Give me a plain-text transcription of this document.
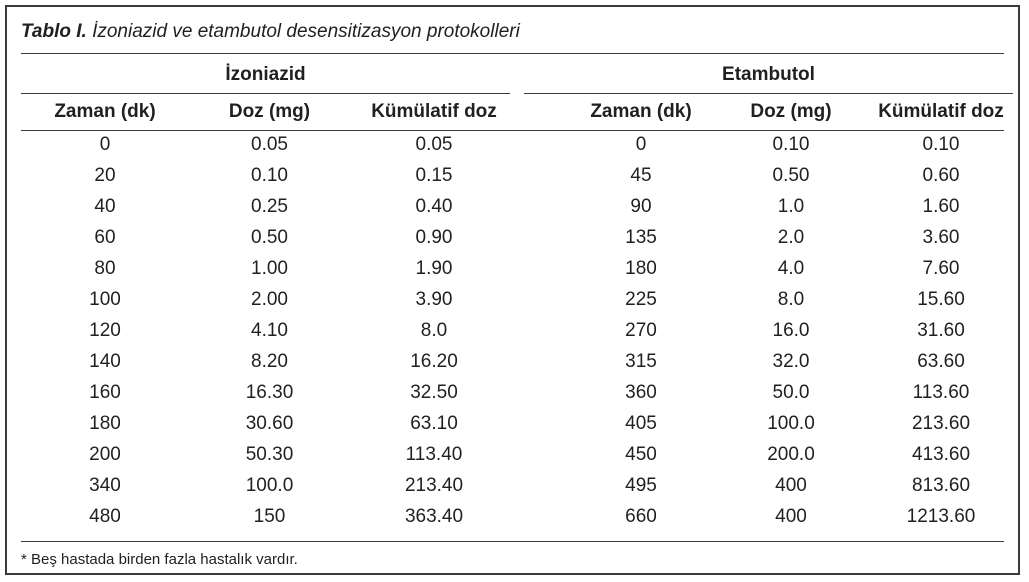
Tablo I. İzoniazid ve etambutol desensitizasyon protokolleri
İzoniazid	Etambutol
Zaman (dk)	Doz (mg)	Kümülatif doz	Zaman (dk)	Doz (mg)	Kümülatif doz
0	0.05	0.05	0	0.10	0.10
20	0.10	0.15	45	0.50	0.60
40	0.25	0.40	90	1.0	1.60
60	0.50	0.90	135	2.0	3.60
80	1.00	1.90	180	4.0	7.60
100	2.00	3.90	225	8.0	15.60
120	4.10	8.0	270	16.0	31.60
140	8.20	16.20	315	32.0	63.60
160	16.30	32.50	360	50.0	113.60
180	30.60	63.10	405	100.0	213.60
200	50.30	113.40	450	200.0	413.60
340	100.0	213.40	495	400	813.60
480	150	363.40	660	400	1213.60
* Beş hastada birden fazla hastalık vardır.
